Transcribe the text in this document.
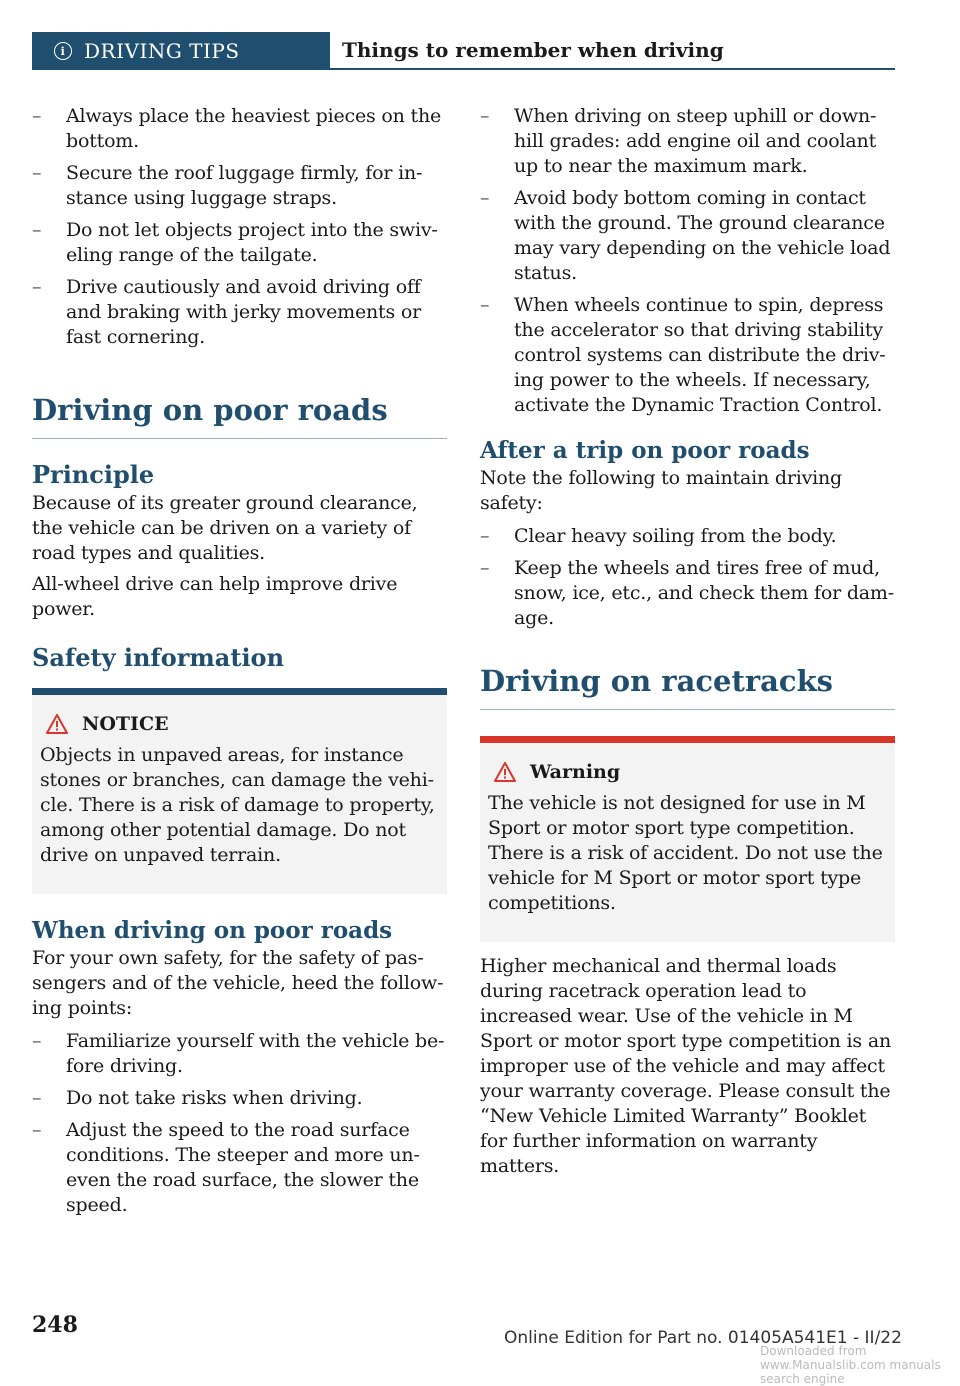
i DRIVING TIPS	Things to remember when driving

– Always place the heaviest pieces on the bottom.

– Secure the roof luggage firmly, for instance using luggage straps.

– Do not let objects project into the swiveling range of the tailgate.

– Drive cautiously and avoid driving off and braking with jerky movements or fast cornering.

Driving on poor roads
Principle

Because of its greater ground clearance, the vehicle can be driven on a variety of road types and qualities.

All-wheel drive can help improve drive power.

Safety information
NOTICE

Objects in unpaved areas, for instance stones or branches, can damage the vehicle. There is a risk of damage to property, among other potential damage. Do not drive on unpaved terrain.

When driving on poor roads

For your own safety, for the safety of passengers and of the vehicle, heed the following points:

– Familiarize yourself with the vehicle before driving.

– Do not take risks when driving.

– Adjust the speed to the road surface conditions. The steeper and more uneven the road surface, the slower the speed.

– When driving on steep uphill or downhill grades: add engine oil and coolant up to near the maximum mark.

– Avoid body bottom coming in contact with the ground. The ground clearance may vary depending on the vehicle load status.

– When wheels continue to spin, depress the accelerator so that driving stability control systems can distribute the driving power to the wheels. If necessary, activate the Dynamic Traction Control.

After a trip on poor roads

Note the following to maintain driving safety:

– Clear heavy soiling from the body.

– Keep the wheels and tires free of mud, snow, ice, etc., and check them for damage.

Driving on racetracks
Warning

The vehicle is not designed for use in M Sport or motor sport type competition. There is a risk of accident. Do not use the vehicle for M Sport or motor sport type competitions.

Higher mechanical and thermal loads during racetrack operation lead to increased wear. Use of the vehicle in M Sport or motor sport type competition is an improper use of the vehicle and may affect your warranty coverage. Please consult the “New Vehicle Limited Warranty” Booklet for further information on warranty matters.

248	Online Edition for Part no. 01405A541E1 - II/22
Downloaded from www.Manualslib.com manuals search engine
